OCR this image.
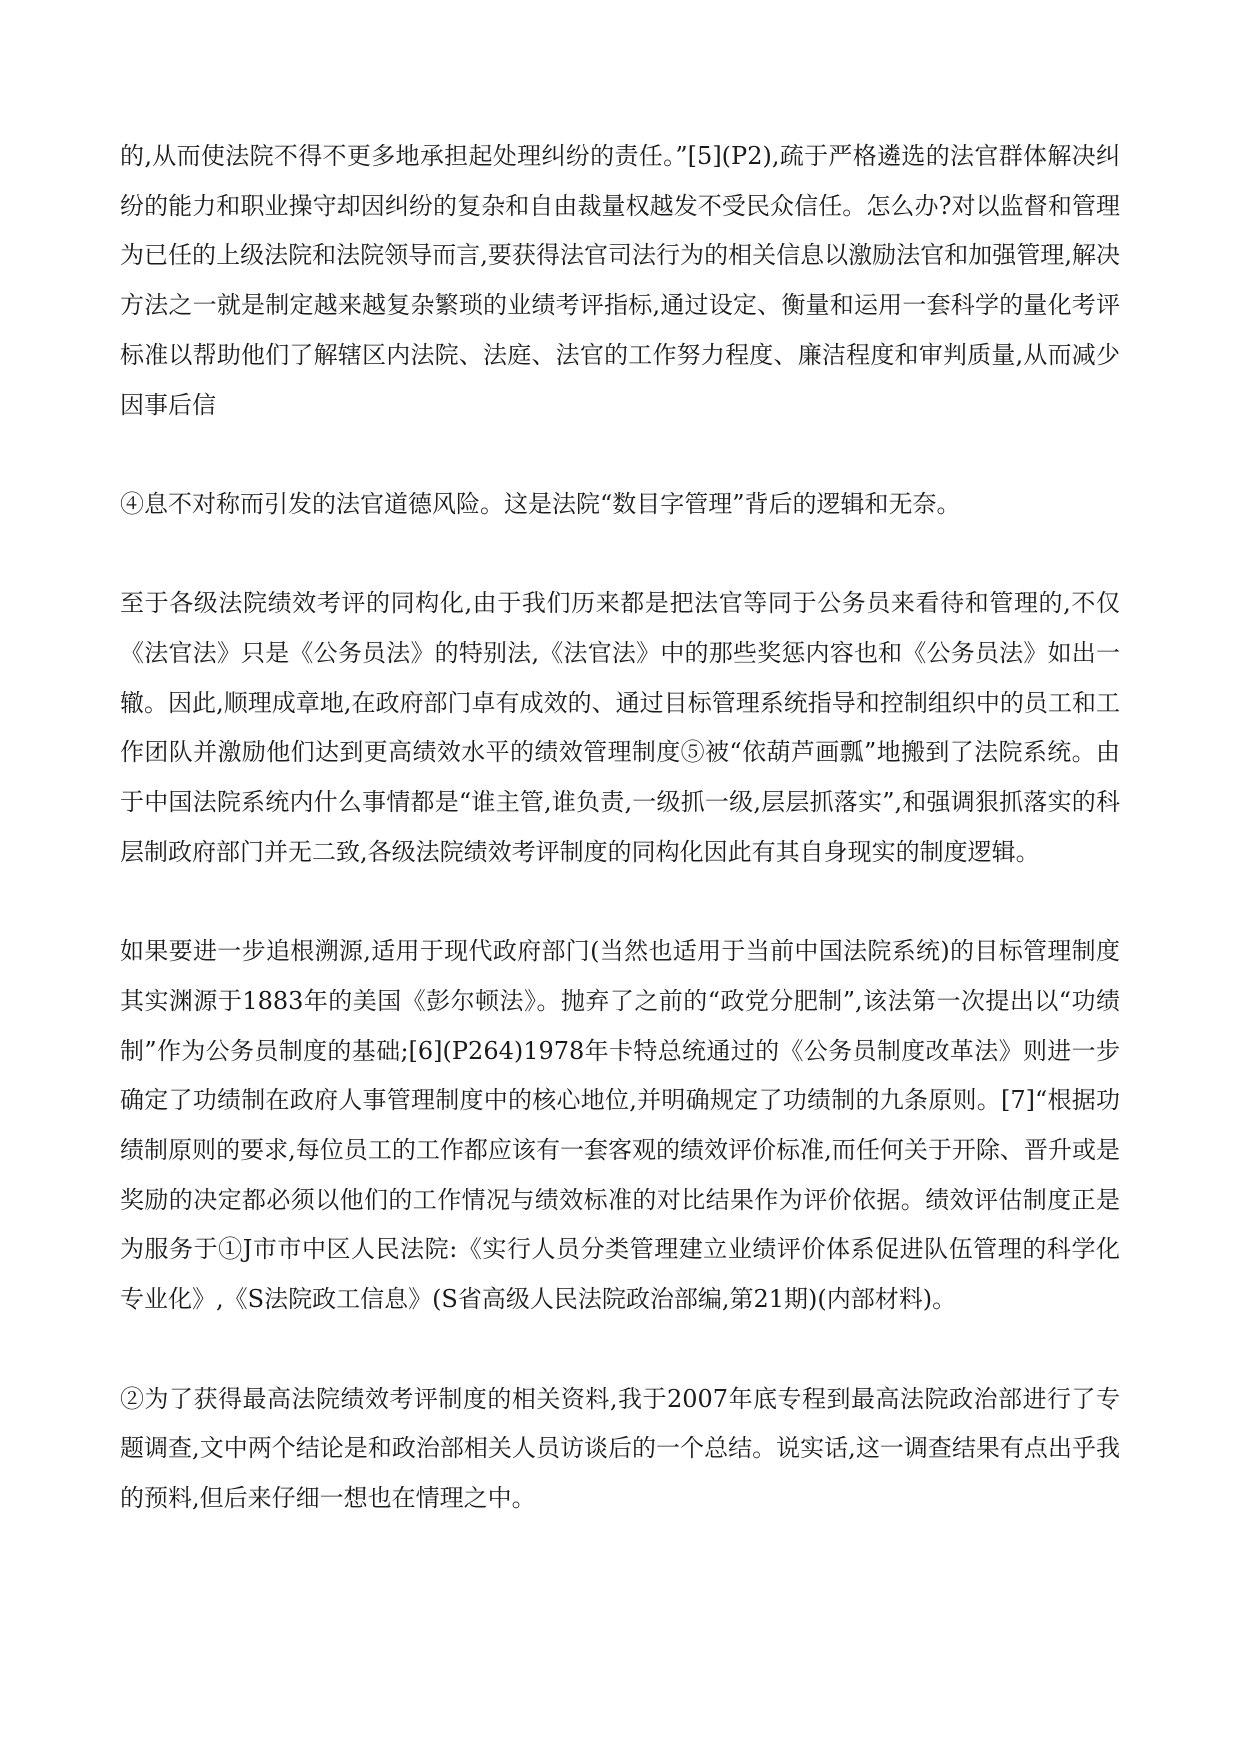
的,从而使法院不得不更多地承担起处理纠纷的责任。”[5](P2),疏于严格遴选的法官群体解决纠纷的能力和职业操守却因纠纷的复杂和自由裁量权越发不受民众信任。怎么办?对以监督和管理为已任的上级法院和法院领导而言,要获得法官司法行为的相关信息以激励法官和加强管理,解决方法之一就是制定越来越复杂繁琐的业绩考评指标,通过设定、衡量和运用一套科学的量化考评标准以帮助他们了解辖区内法院、法庭、法官的工作努力程度、廉洁程度和审判质量,从而减少因事后信

④息不对称而引发的法官道德风险。这是法院“数目字管理”背后的逻辑和无奈。

至于各级法院绩效考评的同构化,由于我们历来都是把法官等同于公务员来看待和管理的,不仅《法官法》只是《公务员法》的特别法,《法官法》中的那些奖惩内容也和《公务员法》如出一辙。因此,顺理成章地,在政府部门卓有成效的、通过目标管理系统指导和控制组织中的员工和工作团队并激励他们达到更高绩效水平的绩效管理制度⑤被“依葫芦画瓢”地搬到了法院系统。由于中国法院系统内什么事情都是“谁主管,谁负责,一级抓一级,层层抓落实”,和强调狠抓落实的科层制政府部门并无二致,各级法院绩效考评制度的同构化因此有其自身现实的制度逻辑。

如果要进一步追根溯源,适用于现代政府部门(当然也适用于当前中国法院系统)的目标管理制度其实渊源于1883年的美国《彭尔顿法》。抛弃了之前的“政党分肥制”,该法第一次提出以“功绩制”作为公务员制度的基础;[6](P264)1978年卡特总统通过的《公务员制度改革法》则进一步确定了功绩制在政府人事管理制度中的核心地位,并明确规定了功绩制的九条原则。[7]“根据功绩制原则的要求,每位员工的工作都应该有一套客观的绩效评价标准,而任何关于开除、晋升或是奖励的决定都必须以他们的工作情况与绩效标准的对比结果作为评价依据。绩效评估制度正是为服务于①J市市中区人民法院:《实行人员分类管理建立业绩评价体系促进队伍管理的科学化专业化》,《S法院政工信息》(S省高级人民法院政治部编,第21期)(内部材料)。

②为了获得最高法院绩效考评制度的相关资料,我于2007年底专程到最高法院政治部进行了专题调查,文中两个结论是和政治部相关人员访谈后的一个总结。说实话,这一调查结果有点出乎我的预料,但后来仔细一想也在情理之中。
